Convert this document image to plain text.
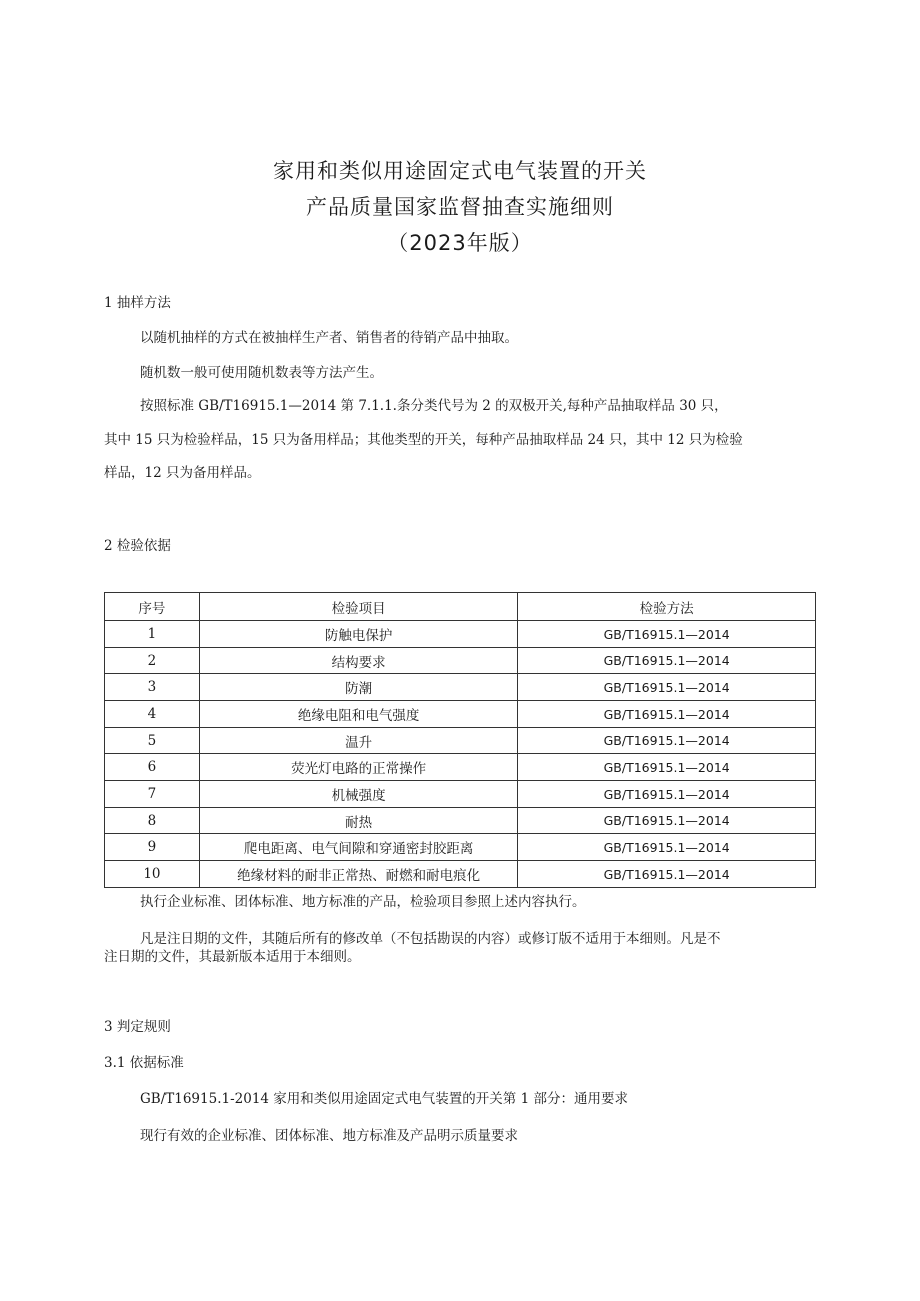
家用和类似用途固定式电气装置的开关
产品质量国家监督抽查实施细则
（2023年版）
1 抽样方法
以随机抽样的方式在被抽样生产者、销售者的待销产品中抽取。
随机数一般可使用随机数表等方法产生。
按照标准 GB/T16915.1—2014 第 7.1.1.条分类代号为 2 的双极开关,每种产品抽取样品 30 只，
其中 15 只为检验样品，15 只为备用样品；其他类型的开关，每种产品抽取样品 24 只，其中 12 只为检验
样品，12 只为备用样品。
2 检验依据
序号	检验项目	检验方法
1	防触电保护	GB/T16915.1—2014
2	结构要求	GB/T16915.1—2014
3	防潮	GB/T16915.1—2014
4	绝缘电阻和电气强度	GB/T16915.1—2014
5	温升	GB/T16915.1—2014
6	荧光灯电路的正常操作	GB/T16915.1—2014
7	机械强度	GB/T16915.1—2014
8	耐热	GB/T16915.1—2014
9	爬电距离、电气间隙和穿通密封胶距离	GB/T16915.1—2014
10	绝缘材料的耐非正常热、耐燃和耐电痕化	GB/T16915.1—2014
执行企业标准、团体标准、地方标准的产品，检验项目参照上述内容执行。
凡是注日期的文件，其随后所有的修改单（不包括勘误的内容）或修订版不适用于本细则。凡是不
注日期的文件，其最新版本适用于本细则。
3 判定规则
3.1 依据标准
GB/T16915.1-2014 家用和类似用途固定式电气装置的开关第 1 部分：通用要求
现行有效的企业标准、团体标准、地方标准及产品明示质量要求
